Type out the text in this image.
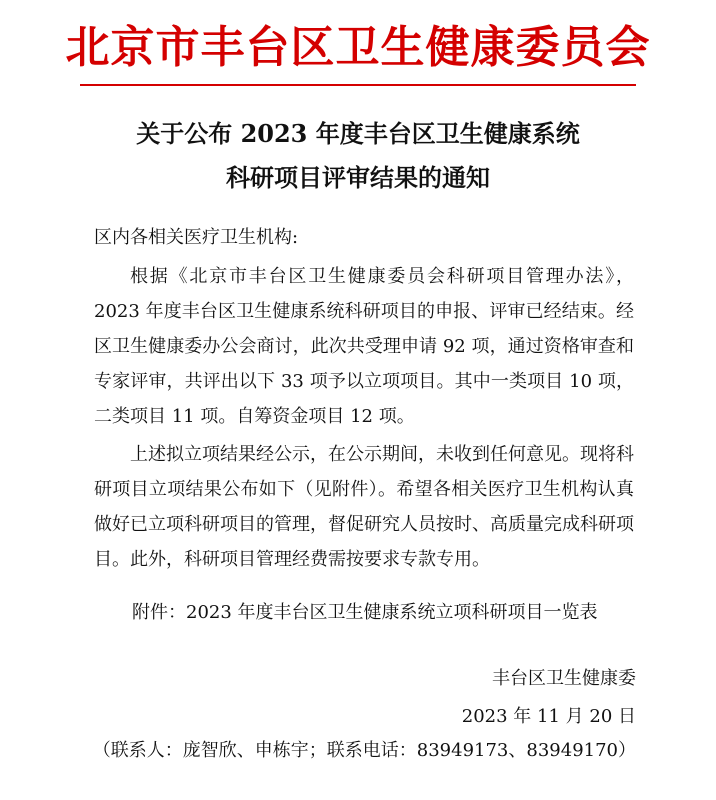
北京市丰台区卫生健康委员会
关于公布 2023 年度丰台区卫生健康系统
科研项目评审结果的通知
区内各相关医疗卫生机构:

根据《北京市丰台区卫生健康委员会科研项目管理办法》，2023 年度丰台区卫生健康系统科研项目的申报、评审已经结束。经区卫生健康委办公会商讨，此次共受理申请 92 项，通过资格审查和专家评审，共评出以下 33 项予以立项项目。其中一类项目 10 项，二类项目 11 项。自筹资金项目 12 项。

上述拟立项结果经公示，在公示期间，未收到任何意见。现将科研项目立项结果公布如下（见附件）。希望各相关医疗卫生机构认真做好已立项科研项目的管理，督促研究人员按时、高质量完成科研项目。此外，科研项目管理经费需按要求专款专用。

附件：2023 年度丰台区卫生健康系统立项科研项目一览表
丰台区卫生健康委
2023 年 11 月 20 日
（联系人：庞智欣、申栋宇；联系电话：83949173、83949170）
